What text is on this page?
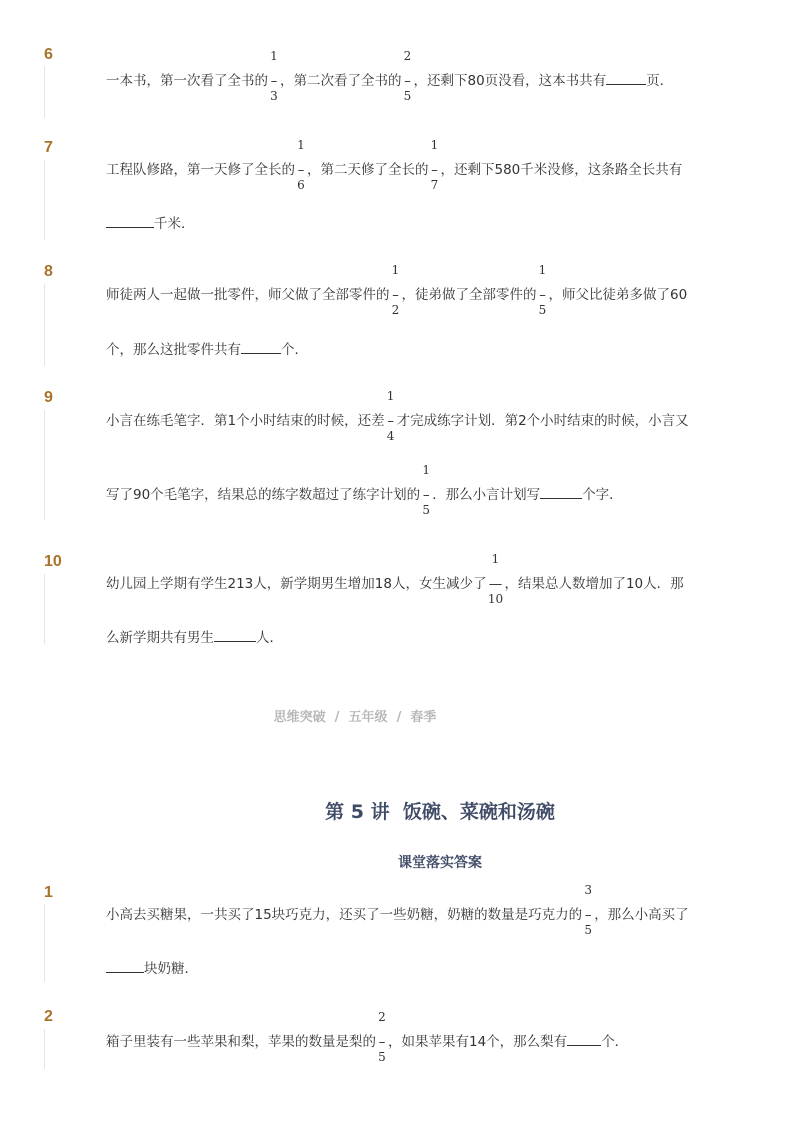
6
一本书，第一次看了全书的
1
–
3
，第二次看了全书的
2
–
5
，还剩下80页没看，这本书共有	页．
7
工程队修路，第一天修了全长的
1
–
6
，第二天修了全长的
1
–
7
，还剩下580千米没修，这条路全长共有
千米．
8
师徒两人一起做一批零件，师父做了全部零件的
1
–
2
，徒弟做了全部零件的
1
–
5
，师父比徒弟多做了60
个，那么这批零件共有	个．
9
小言在练毛笔字．第1个小时结束的时候，还差
1
–
4
才完成练字计划．第2个小时结束的时候，小言又
写了90个毛笔字，结果总的练字数超过了练字计划的
1
–
5
．那么小言计划写	个字．
10
幼儿园上学期有学生213人，新学期男生增加18人，女生减少了
1
—
10
，结果总人数增加了10人．那
么新学期共有男生	人．
思维突破 / 五年级 / 春季
第 5 讲  饭碗、菜碗和汤碗
课堂落实答案
1
小高去买糖果，一共买了15块巧克力，还买了一些奶糖，奶糖的数量是巧克力的
3
–
5
，那么小高买了
块奶糖．
2
箱子里装有一些苹果和梨，苹果的数量是梨的
2
–
5
，如果苹果有14个，那么梨有	个．
